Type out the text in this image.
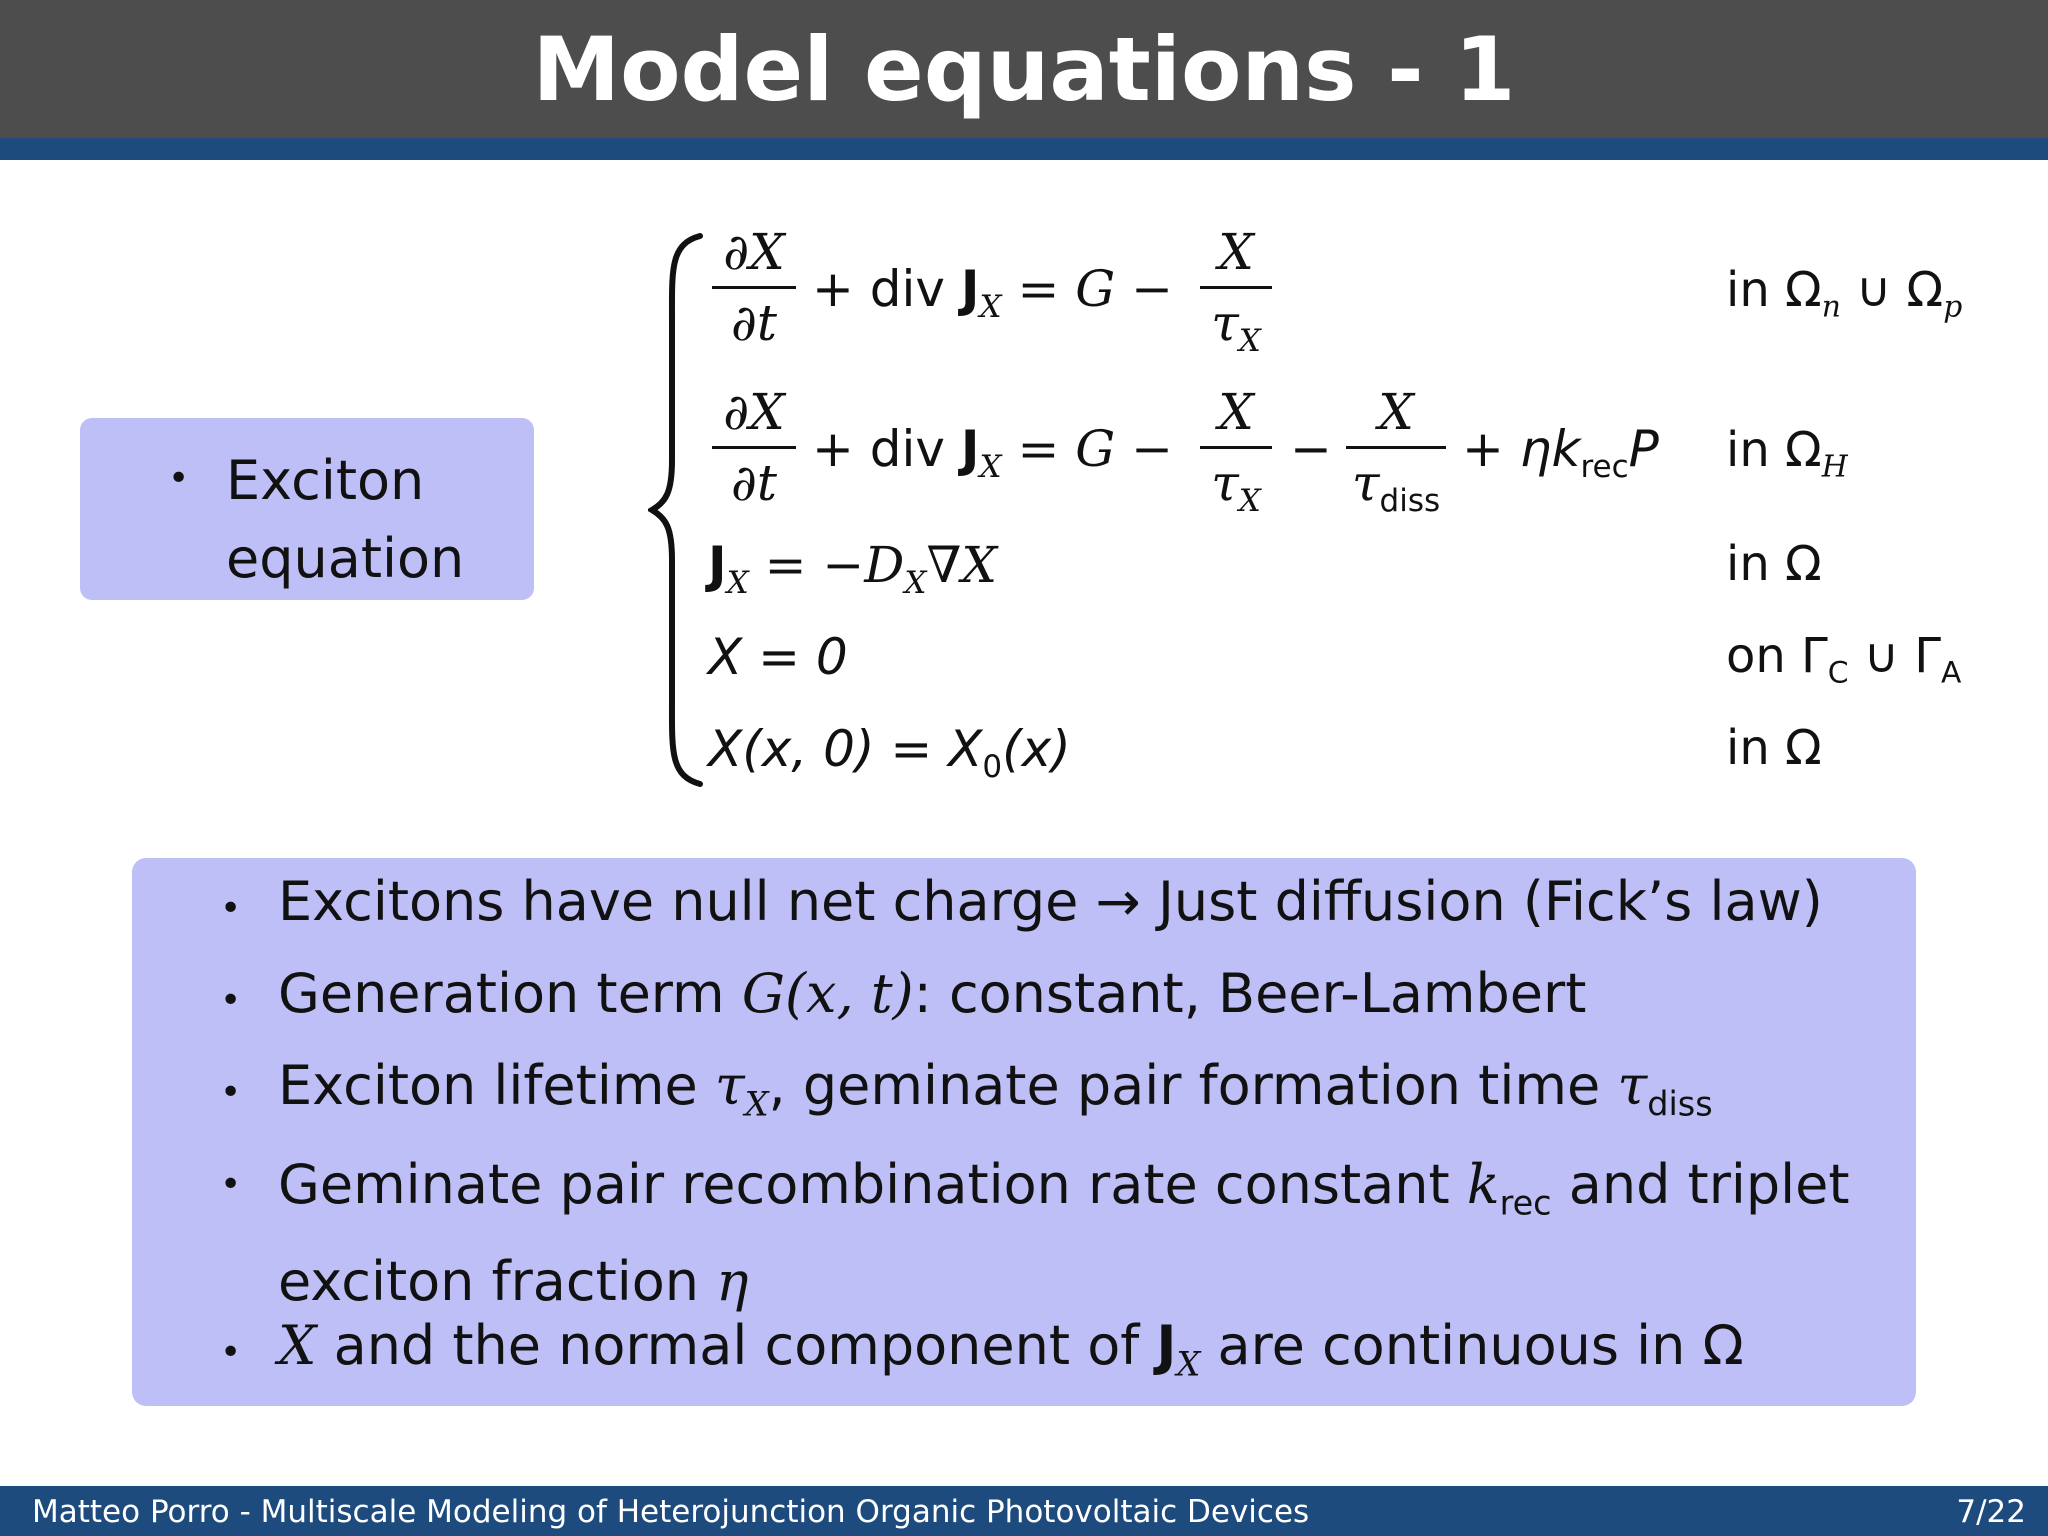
Model equations - 1
• Exciton
equation
∂X
∂t
+ div $J_X = G$ −
X
$\tau_X$
∂X
∂t
+ div $J_X = G$ −
X
$\tau_X$
−
X
$\tau_{diss}$
+ $\eta k_{rec}P$
$J_X = -D_X\nabla X$
X = 0
X(x, $0) = X_0(x)$
in $\Omega_n$ ∪ $\Omega_p$
in $\Omega_H$
in Ω
on $\Gamma_C$ ∪ $\Gamma_A$
in Ω
• Excitons have null net charge → Just diffusion (Fick’s law)
• Generation term G(x, t): constant, Beer-Lambert
• Exciton lifetime $\tau_X$, geminate pair formation time $\tau_{diss}$
• Geminate pair recombination rate constant $k_{rec}$ and triplet
exciton fraction η
• X and the normal component of $J_X$ are continuous in Ω
Matteo Porro - Multiscale Modeling of Heterojunction Organic Photovoltaic Devices	7/22
